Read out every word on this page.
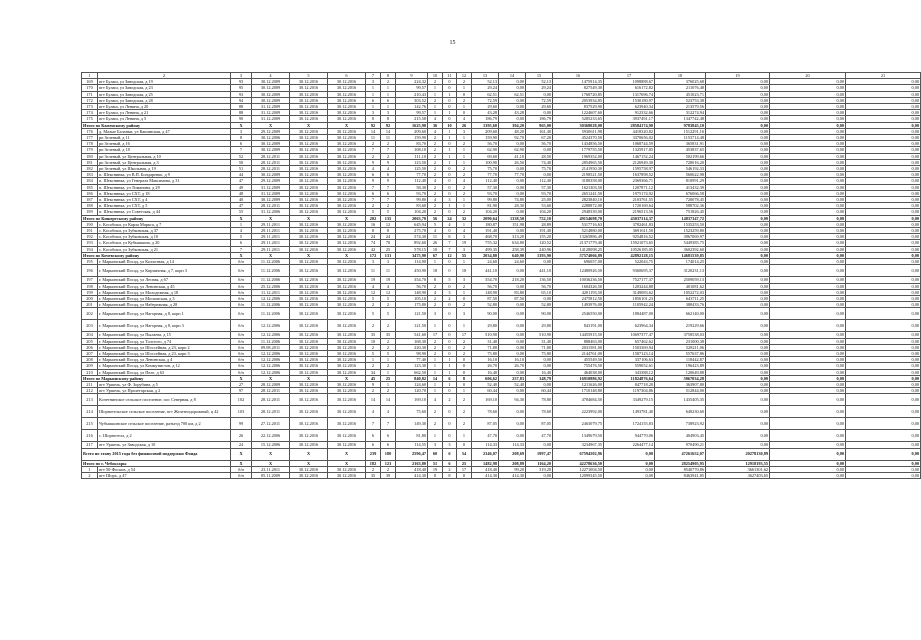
15
1	2	3	4	5	6	7	8	9	10	11	12	13	14	15	16	17	18	19	20	21
169	пгт Булаш, ул Заводская, д 19	93	30.12.2009	30.12.2016	30.12.2016	3	2	224,32	2	0	2	52,13	0,00	52,13	1475914,35	1098888,67	376025,68	0,00	0,00	0,00
170	пгт Булаш, ул Заводская, д 23	95	30.12.2009	30.12.2016	30.12.2016	1	1	99,57	1	0	1	29,24	0,00	29,24	827549,30	616172,82	211076,48	0,00	0,00	0,00
171	пгт Булаш, ул Заводская, д 25	93	30.12.2009	30.12.2016	30.12.2016	1	1	210,43	1	1	0	62,51	62,51	0,00	1768720,85	1317696,74	451023,71	0,00	0,00	0,00
172	пгт Булаш, ул Заводская, д 28	94	30.12.2009	30.12.2016	30.12.2016	6	6	303,52	2	0	2	72,59	0,00	72,59	2053934,85	1530180,97	523753,38	0,00	0,00	0,00
173	пгт Булаш, ул Ленина, д 20	88	31.12.2009	30.12.2016	30.12.2016	1	1	142,76	1	0	1	29,60	0,00	29,60	837529,90	623940,34	213579,56	0,00	0,00	0,00
174	пгт Булаш, ул Ленина, д 21	88	31.12.2009	30.12.2016	30.12.2016	3	3	99,57	1	1	0	43,28	43,28	0,00	1224607,60	912332,66	312274,94	0,00	0,00	0,00
175	пгт Булаш, ул Ленина, д 5	90	31.12.2009	30.12.2016	30.12.2016	8	8	215,58	4	0	4	186,79	0,00	186,79	5285233,65	3937491,17	1347742,48	0,00	0,00	0,00
Итого по Каменскому району		X	X	X	X	92	92	1625,90	36	10	26	1395,60	394,20	965,00	30368028,00	28584174,90	9783845,10	0,00	0,00	0,00
176	д. Малые Баланки, ул Кашинская, д 47	3	29.12.2009	30.12.2016	30.12.2016	14	14	209,60	4	1	3	209,60	48,20	161,40	5930611,98	4418320,82	1512291,16	0,00	0,00	0,00
177	рп Зеленый, д 11	8	30.12.2006	30.12.2016	30.12.2016	11	11	159,90	2	1	1	159,90	92,70	67,20	4524370,50	3370656,02	1153714,48	0,00	0,00	0,00
178	рп Зеленый, д 16	6	30.12.2009	30.12.2016	30.12.2016	2	2	83,70	2	0	2	56,70	0,00	56,70	1434856,50	1068744,59	365831,91	0,00	0,00	0,00
179	рп Зеленый, д 18	7	30.12.2009	30.12.2016	30.12.2016	7	7	108,10	2	1	1	62,90	62,90	0,00	1779755,50	1325917,85	453837,65	0,00	0,00	0,00
180	рп Зеленый, ул Центральная, д 10	52	28.12.2011	30.12.2016	30.12.2016	2	2	111,10	2	1	1	69,60	41,10	28,50	1969352,00	1467152,24	502199,66	0,00	0,00	0,00
181	рп Зеленый, ул Центральная, д 3	50	28.12.2011	30.12.2016	30.12.2016	9	9	123,50	2	1	1	100,90	26,50	74,40	2854965,50	2126949,30	728016,20	0,00	0,00	0,00
182	рп Зеленый, ул Школьная, д 19	51	28.12.2011	30.12.2016	30.12.2016	4	4	125,50	2	0	2	75,70	0,00	75,70	2141950,30	1595758,97	546192,33	0,00	0,00	0,00
183	п. Шекснинка, ул В.П. Бондаренко, д 9	44	30.12.2009	30.12.2016	30.12.2016	6	6	77,70	2	0	2	77,70	77,70	0,00	2198521,50	1637898,52	560622,98	0,00	0,00	0,00
184	п. Шекснинка, ул Генерала Максимова, д 31	47	29.12.2009	30.12.2016	30.12.2016	9	9	112,40	4	0	4	112,40	0,00	112,40	3180358,00	2369366,71	810991,29	0,00	0,00	0,00
185	п. Шекснинка, ул Ломанина, д 29	49	31.12.2009	30.12.2016	30.12.2016	7	7	58,30	2	0	2	57,30	0,00	57,30	1621303,50	1207871,12	413432,39	0,00	0,00	0,00
186	п. Шекснинка, ул СХТ, д 18	48	31.12.2009	30.12.2016	30.12.2016	6	6	93,70	2	0	2	93,70	0,00	93,70	2651241,50	1975174,92	676066,58	0,00	0,00	0,00
187	п. Шекснинка, ул СХТ, д 4	40	30.12.2009	30.12.2016	30.12.2016	7	7	99,80	4	3	1	99,80	74,80	25,00	2823840,10	2103761,55	720078,45	0,00	0,00	0,00
188	п. Шекснинка, ул СХТ, д 5	47	28.12.2011	30.12.2016	30.12.2016	2	2	83,60	2	1	1	81,90	28,30	53,60	2288872,00	1720169,64	588702,36	0,00	0,00	0,00
189	п. Шекснинка, ул Советская, д 44	55	31.12.2006	30.12.2016	30.12.2016	5	5	104,20	2	0	2	104,20	0,00	104,20	2948339,00	2196513,56	751826,45	0,00	0,00	0,00
Итого по Кишертскому району		X	X	X	X	202	135	2063,70	56	24	32	2090,64	1338,50	752,10	49154698,70	43037314,37	14837347,72	0,00	0,00	0,00
190	с. Кособоки, ул Карла Маркса, д 7	1	29.11.2011	30.12.2016	30.12.2016	16	12	645,94	5	4	1	180,87	151,98	28,89	5317716,63	3782461,83	1535253,50	0,00	0,00	0,00
191	с. Кособоки, ул Зубковская, д 37	4	29.11.2011	30.12.2016	30.12.2016	8	8	275,70	4	0	4	191,40	0,00	191,40	5214880,00	3691611,50	1523259,80	0,00	0,00	0,00
192	с. Кособоки, ул Зубковская, д 10	5	29.11.2011	30.12.2016	30.12.2016	24	24	574,30	11	8	3	468,70	313,20	155,20	13265886,49	9254816,52	3967069,97	0,00	0,00	0,00
193	с. Кособоки, ул Кубышкина, д 20	6	29.11.2011	30.12.2016	30.12.2016	74	70	892,60	26	7	19	755,32	634,80	120,52	21371779,40	15921073,65	5449385,75	0,00	0,00	0,00
194	с. Кособоки, ул Зубковская, д 21	7	29.11.2011	30.12.2016	30.12.2016	42	25	578,15	10	7	3	499,35	258,39	240,96	14128098,25	10526185,05	3602392,60	0,00	0,00	0,00
Итого по Кочевскому району		X	X	X	X	172	131	3475,90	67	12	55	2034,80	640,90	1393,90	57574066,89	42892128,15	14681539,85	0,00	0,00	0,00
195	г. Марьинский Посад, ул Колхозная, д 14	б/н	11.12.2006	30.12.2016	30.12.2016	3	3	114,90	1	0	1	24,60	24,60	0,00	696057,00	522043,75	174014,25	0,00	0,00	0,00
196	г. Марьинский Посад, ул Кирпичная, д 7, корп 3	б/н	11.12.2006	30.12.2016	30.12.2016	11	11	450,90	18	0	18	441,10	0,00	441,10	12480926,50	9360695,37	3120231,13	0,00	0,00	0,00
197	г. Марьинский Посад, ул Лесная, д 67	б/н	11.12.2006	30.12.2016	30.12.2016	19	19	354,70	8	5	3	354,70	218,20	136,50	10036236,50	7527177,37	2509059,13	0,00	0,00	0,00
198	г. Марьинский Посад, ул Ленинская, д 45	б/н	25.12.2006	30.12.2016	30.12.2016	4	4	56,70	2	0	2	56,70	0,00	56,70	1604326,50	1203244,88	401081,62	0,00	0,00	0,00
199	г. Марьинский Посад, ул Молодежная, д 18	б/н	11.12.2011	30.12.2016	30.12.2016	12	12	148,90	4	3	1	148,90	83,80	65,10	4201193,50	3149083,62	1052272,03	0,00	0,00	0,00
200	г. Марьинский Посад, ул Московская, д 3	б/н	12.12.2006	30.12.2016	30.12.2016	5	5	105,10	2	2	0	87,50	87,50	0,00	2475812,50	1856101,23	643711,25	0,00	0,00	0,00
201	г. Марьинский Посад, ул Набережная, д 28	б/н	11.12.2006	30.12.2016	30.12.2016	2	2	175,80	2	0	2	52,80	0,00	52,80	1493976,00	1105942,24	388433,76	0,00	0,00	0,00
202	г. Марьинский Посад, ул Нагорная, д 8, корп 1	б/н	11.12.2006	30.12.2016	30.12.2016	5	5	121,50	3	0	3	90,00	0,00	90,00	2546550,00	1884487,00	662140,00	0,00	0,00	0,00
203	г. Марьинский Посад, ул Нагорная, д 8, корп 3	б/н	12.12.2006	30.12.2016	30.12.2016	2	2	121,50	1	0	1	29,80	0,00	29,80	843191,00	623964,34	219229,66	0,00	0,00	0,00
204	г. Марьинский Посад, ул Пылаева, д 15	б/н	12.12.2006	30.12.2016	30.12.2016	35	35	541,60	17	0	17	510,90	0,00	510,90	14455915,50	10697377,47	3758538,03	0,00	0,00	0,00
205	г. Марьинский Посад, ул Толстого, д 74	б/н	11.12.2006	30.12.2016	30.12.2016	10	2	168,30	2	0	2	31,40	0,00	31,40	888463,00	657462,62	231000,38	0,00	0,00	0,00
206	г. Марьинский Посад, ул Шоссейная, д 23, корп 2	б/н	09.08.2011	30.12.2016	30.12.2016	2	2	220,30	2	0	2	71,80	0,00	71,80	2031581,00	1503369,94	528211,06	0,00	0,00	0,00
207	г. Марьинский Посад, ул Шоссейная, д 23, корп 3	б/н	12.12.2006	30.12.2016	30.12.2016	5	5	98,90	2	0	2	75,80	0,00	75,80	2144761,00	1587123,14	557637,86	0,00	0,00	0,00
208	г. Марьинский Посад, ул Ленинская, д 4	б/н	12.12.2006	30.12.2016	30.12.2016	1	1	77,40	1	1	0	16,10	16,10	0,00	455549,50	337106,63	118442,87	0,00	0,00	0,00
209	г. Марьинский Посад, ул Коммунистов, д 12	б/н	12.12.2006	30.12.2016	30.12.2016	2	2	123,30	1	1	0	26,70	26,70	0,00	755476,50	559052,61	196423,89	0,00	0,00	0,00
210	г. Марьинский Посад, ул Пеле, д 63	б/н	12.12.2006	30.12.2016	30.12.2016	34	1	662,50	1	1	0	16,40	0,00	16,40	464038,00	343388,12	120649,88	0,00	0,00	0,00
Итого по Марьинскому району		X	X	X	X	45	25	840,82	14	6	8	606,62	257,83	348,79	16910886,92	11824876,64	5067034,28	0,00	0,00	0,00
211	пгт Уршель, ул Ф. Зорубина, д 5	27	28.12.2009	30.12.2016	30.12.2016	9	1	124,60	1	1	0	52,40	52,40	0,00	1211626,00	847718,20	363907,80	0,00	0,00	0,00
212	пгт Уршель, ул Пролетарская, д 2	97	28.12.2011	30.12.2016	30.12.2016	2	2	120,70	1	0	1	60,44	0,00	60,44	1710148,80	1197304,86	512844,00	0,00	0,00	0,00
213	Кочетнинское сельское поселение, пос Северная, д 8	102	28.12.2011	30.12.2016	30.12.2016	14	14	169,10	4	2	2	169,10	94,30	78,80	4784684,50	3349279,15	1435405,35	0,00	0,00	0,00
214	Шорнотельское сельское поселение, пгт Железнодорожный, ц 42	103	28.12.2011	30.12.2016	30.12.2016	4	4	75,60	2	0	2	78,60	0,00	78,60	2223992,00	1493781,40	640230,60	0,00	0,00	0,00
215	Чубышкинское сельское поселение, разъезд 700 км, д 2	99	27.12.2011	30.12.2016	30.12.2016	7	7	149,30	2	0	2	87,05	0,00	87,05	2463079,75	1724155,83	738923,92	0,00	0,00	0,00
216	с. Шорнотелл, д 2	26	22.12.2006	30.12.2016	30.12.2016	6	6	81,80	1	0	1	47,70	0,00	47,70	1349679,50	944770,06	404903,45	0,00	0,00	0,00
217	пгт Уршель, ул Заводская, д 10	24	15.12.2006	30.12.2016	30.12.2016	6	6	114,55	3	3	0	114,33	114,33	0,00	3234967,35	2264477,14	970490,21	0,00	0,00	0,00
Всего по этапу 2015 года без финансовой поддержки Фонда		X	X	X	X	239	180	2596,47	60	6	54	2346,07	208,69	1997,47	67594502,96	0,00	47261652,07	20278130,89	0,00	0,00
Итого по г. Чебоксары		X	X	X	X	182	123	2163,80	51	6	25	1482,98	208,89	1164,20	42278636,50	0,00	28254905,95	12918193,55	0,00	0,00
1	пгт 50-Фосков, д 54	б/н	23.11.2011	30.12.2016	30.12.2016	2	2	418,40	19	2	17	418,40	99,20	319,20	12271004,50	0,00	8540770,86	3661301,62	0,00	0,00
2	пгт Шорх, д 47	б/н	05.11.2009	30.12.2016	30.12.2016	35	39	414,30	8	8	0	414,30	414,30	0,00	12099345,50	0,00	8463941,85	3627403,65	0,00	0,00
